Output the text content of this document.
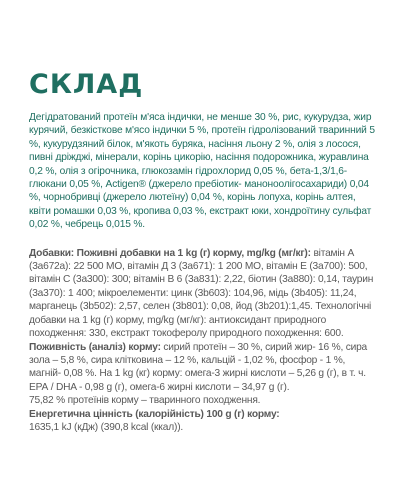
СКЛАД

Дегідратований протеїн м'яса індички, не менше 30 %, рис, кукурудза, жир курячий, безкісткове м'ясо індички 5 %, протеїн гідролізований тваринний 5 %, кукурудзяний білок, м'якоть буряка, насіння льону 2 %, олія з лосося, пивні дріжджі, мінерали, корінь цикорію, насіння подорожника, журавлина 0,2 %, олія з огірочника, глюкозамін гідрохлорид 0,05 %, бета-1,3/1,6-глюкани 0,05 %, Actigen® (джерело пребіотик- маноноолігосахариди) 0,04 %, чорнобривці (джерело лютеїну) 0,04 %, корінь лопуха, корінь алтея, квіти ромашки 0,03 %, кропива 0,03 %, екстракт юки, хондроїтину сульфат 0,02 %, чебрець 0,015 %.

Добавки: Поживні добавки на 1 kg (г) корму, mg/kg (мг/кг): вітамін А (3а672а): 22 500 МО, вітамін Д 3 (3а671): 1 200 МО, вітамін Е (3а700): 500, вітамін С (3а300): 300; вітамін В 6 (3а831): 2,22, біотин (3а880): 0,14, таурин (3а370): 1 400; мікроелементи: цинк (3b603): 104,96, мідь (3b405): 11,24, марганець (3b502): 2,57, селен (3b801): 0,08, йод (3b201):1,45. Технологічні добавки на 1 kg (г) корму, mg/kg (мг/кг): антиоксидант природного походження: 330, екстракт токоферолу природного походження: 600.

Поживність (аналіз) корму: сирий протеїн – 30 %, сирий жир- 16 %, сира зола – 5,8 %, сира клітковина – 12 %, кальцій - 1,02 %, фосфор - 1 %, магній- 0,08 %. На 1 kg (кг) корму: омега-3 жирні кислоти – 5,26 g (г), в т. ч. ЕРА / DHA - 0,98 g (г), омега-6 жирні кислоти – 34,97 g (г).

75,82 % протеїнів корму – тваринного походження.

Енергетична цінність (калорійність) 100 g (г) корму:

1635,1 kJ (кДж) (390,8 kcal (ккал)).
